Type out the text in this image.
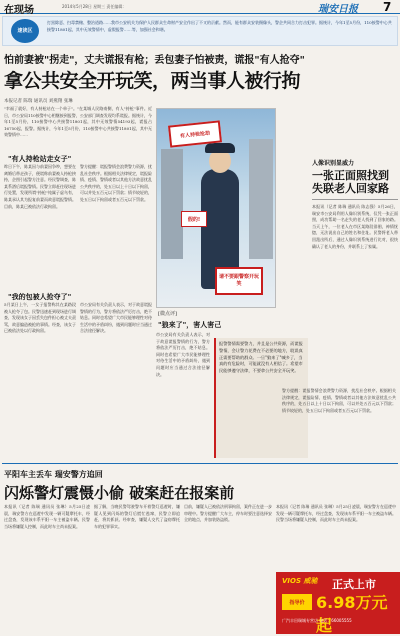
在现场	2014年5月28日 星期三 责任编辑：	瑞安日报 7
速读区
打黑除恶、扫毒禁赌、整治道路……我市公安机关为保护人民群众生命财产安全作出了不又的贡献。然而，能有群众安装摄像头，警企共同合力打击犯罪。据统计，今年1至5月份，110接警中心共接警11801起，其中无效警情中，虚假报警……等，加强社会和谐。
怕前妻被"拐走"，丈夫谎报有枪；丢包妻子怕被责，谎报"有人抢夺"
拿公共安全开玩笑，两当事人被行拘
本报记者 陈瑞 通讯员 刘燕翔 张琳
"幸福了就好，有人持枪站在一个单子"。"在某城人民路南侧，有人"持枪"事件。近日，市公安局110接警中心相继接到报警，公安部门调查发现均系谎报。据统计，今年1至5月份，110接警中心共接警11801起，其中无效警情54193起，谎报占16750起，报警。据统计，今年1至5月份，110接警中心共接警11801起，其中无效警情中……
"有人持枪站走女子"
昨日下午，陈某因与前妻因争吵，想要在离婚后带走孩子，便谎称前妻被人持枪挟持，企图引起警方注意。经民警调查，陈某系酒后谎报警情。民警立即赶往现场进行处置，发现所谓"持枪"纯属子虚乌有，陈某承认其为报复前妻而故意谎报警情。目前，陈某已被依法行政拘留。
警方提醒：谎报警情会浪费警力资源，扰乱社会秩序。根据相关法律规定，谎报险情、疫情、警情或者以其他方法故意扰乱公共秩序的，处五日以上十日以下拘留，可以并处五百元以下罚款；情节较轻的，处五日以下拘留或者五百元以下罚款。
"我的包被人抢夺了"
5月某日上午，一女子报警称其在某路段被人抢夺了包。民警迅速赶到现场进行调查，发现该女子因丢失包件担心被丈夫责骂，故意编造被抢的事情。经查，该女子已被依法处以行政拘留。
市公安局有关负责人表示，对于故意谎报警情的行为，警方将依法严厉打击，绝不姑息。同时也希望广大市民能够理性对待生活中的矛盾纠纷，遇到问题时应当通过合法途径解决。
有人持枪抢劫
假的!
请不要跟警察开玩笑
[微点评]
"狼来了"，害人害己
市公安局有关负责人表示，对于故意谎报警情的行为，警方将依法严厉打击，绝不姑息。同时也希望广大市民能够理性对待生活中的矛盾纠纷，遇到问题时应当通过合法途径解决。
报警警情需要警力，并且是公共资源，而谎报警情，会让警力花费在不必要的地方，耽误真正需要帮助的群众。一旦"狼来了"喊多了，当真的有危险时，可能就没有人相信了。希望市民能够遵守法律，不要拿公共安全开玩笑。
人像识别显威力
一张正面照找到失联老人回家路
本报讯（记者 陈瑞 通讯员 陈志强）5月26日，瑞安市公安局利用人像识别系统，仅凭一张正面照，成功帮助一名走失的老人找到了回家的路。当天上午，一位老人在市区某路段徘徊，神情恍惚，无法说出自己的姓名和住址。民警将老人带回派出所后，通过人像识别系统进行比对，很快确认了老人的身份，并联系上了家属。
警方提醒：谎报警情会浪费警力资源，扰乱社会秩序。根据相关法律规定，谎报险情、疫情、警情或者以其他方法故意扰乱公共秩序的，处五日以上十日以下拘留，可以并处五百元以下罚款；情节较轻的，处五日以下拘留或者五百元以下罚款。
平阳车主丢车 瑞安警方追回
闪烁警灯震慑小偷 破案赶在报案前
本报讯（记者 陈瑞 通讯员 张琳）5月25日凌晨，瑞安警方在巡逻中发现一辆可疑摩托车，经过盘查，发现该车系平阳一车主被盗车辆。民警当场将嫌疑人控制，而此时车主尚未报案。
据了解，当晚民警驾驶警车开着警灯巡逻时，嫌疑人见到闪烁的警灯后慌忙逃窜，民警立即追赶，将其抓获。经审查，嫌疑人交代了盗窃摩托车的犯罪事实。
目前，嫌疑人已被依法刑事拘留，案件正在进一步审理中。警方提醒广大车主，停车时要注意选择安全的地点，并加装防盗锁。
本报讯（记者 陈瑞 通讯员 张琳）5月25日凌晨，瑞安警方在巡逻中发现一辆可疑摩托车，经过盘查，发现该车系平阳一车主被盗车辆。民警当场将嫌疑人控制，而此时车主尚未报案。
VIOS 威驰 正式上市
指导价 6.98万元起
广汽丰田瑞城专营店 电话：66005555
